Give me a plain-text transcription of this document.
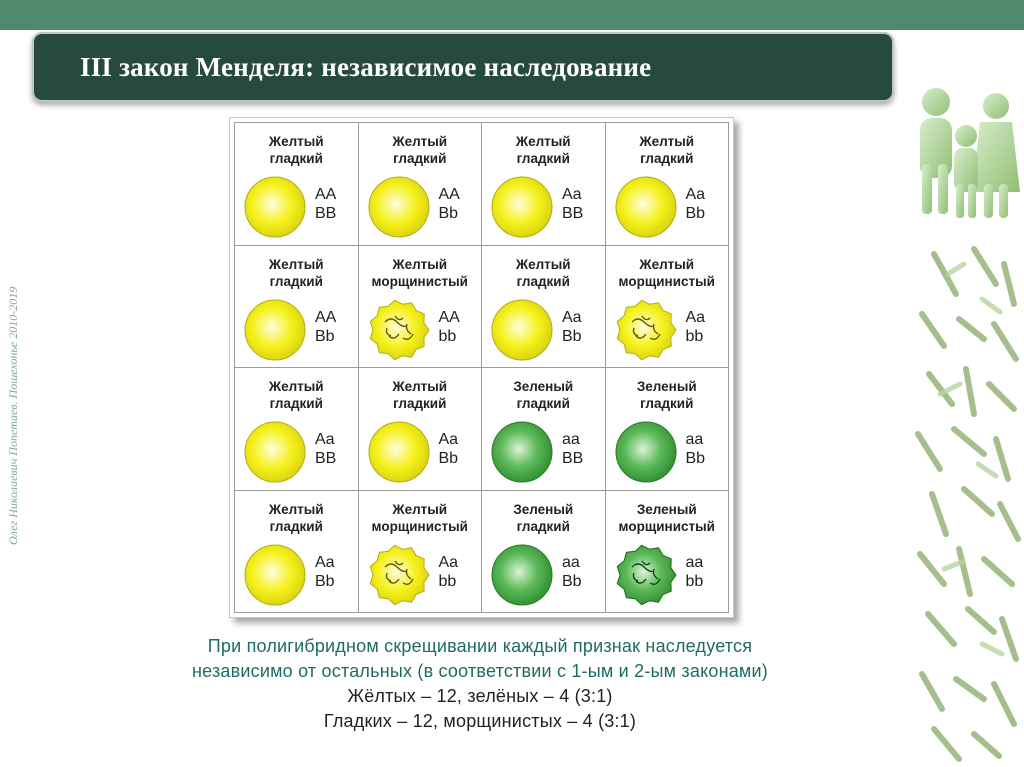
III закон Менделя: независимое наследование
Олег Николаевич Попетаев. Пошехонье 2010-2019
Желтый
гладкий
AA
BB
Желтый
гладкий
AA
Bb
Желтый
гладкий
Aa
BB
Желтый
гладкий
Aa
Bb
Желтый
гладкий
AA
Bb
Желтый
морщинистый
AA
bb
Желтый
гладкий
Aa
Bb
Желтый
морщинистый
Aa
bb
Желтый
гладкий
Aa
BB
Желтый
гладкий
Aa
Bb
Зеленый
гладкий
aa
BB
Зеленый
гладкий
aa
Bb
Желтый
гладкий
Aa
Bb
Желтый
морщинистый
Aa
bb
Зеленый
гладкий
aa
Bb
Зеленый
морщинистый
aa
bb
При полигибридном скрещивании каждый признак наследуется
независимо от остальных (в соответствии с 1-ым и 2-ым законами)
Жёлтых – 12, зелёных – 4 (3:1)
Гладких – 12, морщинистых – 4 (3:1)
